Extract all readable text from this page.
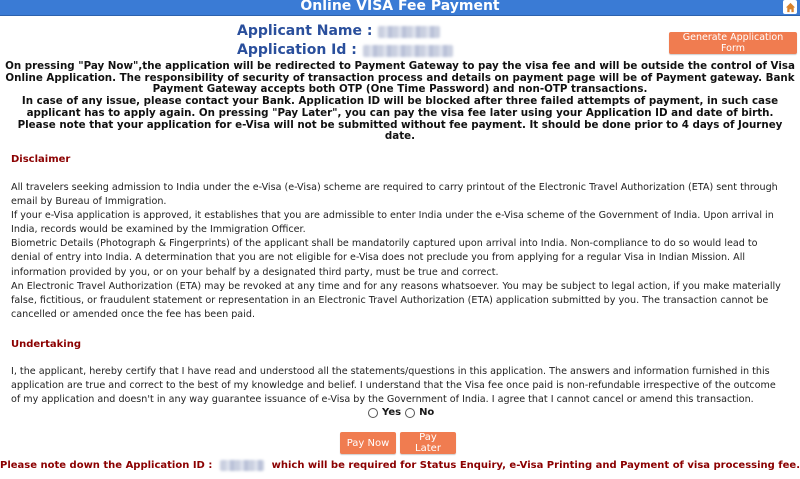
Online VISA Fee Payment
Applicant Name :
Application Id :
Generate Application Form
On pressing "Pay Now",the application will be redirected to Payment Gateway to pay the visa fee and will be outside the control of Visa Online Application. The responsibility of security of transaction process and details on payment page will be of Payment gateway. Bank Payment Gateway accepts both OTP (One Time Password) and non-OTP transactions.
In case of any issue, please contact your Bank. Application ID will be blocked after three failed attempts of payment, in such case applicant has to apply again. On pressing "Pay Later", you can pay the visa fee later using your Application ID and date of birth.
Please note that your application for e-Visa will not be submitted without fee payment. It should be done prior to 4 days of Journey date.
Disclaimer

All travelers seeking admission to India under the e-Visa (e-Visa) scheme are required to carry printout of the Electronic Travel Authorization (ETA) sent through email by Bureau of Immigration.

If your e-Visa application is approved, it establishes that you are admissible to enter India under the e-Visa scheme of the Government of India. Upon arrival in India, records would be examined by the Immigration Officer.

Biometric Details (Photograph & Fingerprints) of the applicant shall be mandatorily captured upon arrival into India. Non-compliance to do so would lead to denial of entry into India. A determination that you are not eligible for e-Visa does not preclude you from applying for a regular Visa in Indian Mission. All information provided by you, or on your behalf by a designated third party, must be true and correct.

An Electronic Travel Authorization (ETA) may be revoked at any time and for any reasons whatsoever. You may be subject to legal action, if you make materially false, fictitious, or fraudulent statement or representation in an Electronic Travel Authorization (ETA) application submitted by you. The transaction cannot be cancelled or amended once the fee has been paid.

Undertaking

I, the applicant, hereby certify that I have read and understood all the statements/questions in this application. The answers and information furnished in this application are true and correct to the best of my knowledge and belief. I understand that the Visa fee once paid is non-refundable irrespective of the outcome of my application and doesn't in any way guarantee issuance of e-Visa by the Government of India. I agree that I cannot cancel or amend this transaction.

Yes No
Pay Now	Pay Later
Please note down the Application ID :	which will be required for Status Enquiry, e-Visa Printing and Payment of visa processing fee.
